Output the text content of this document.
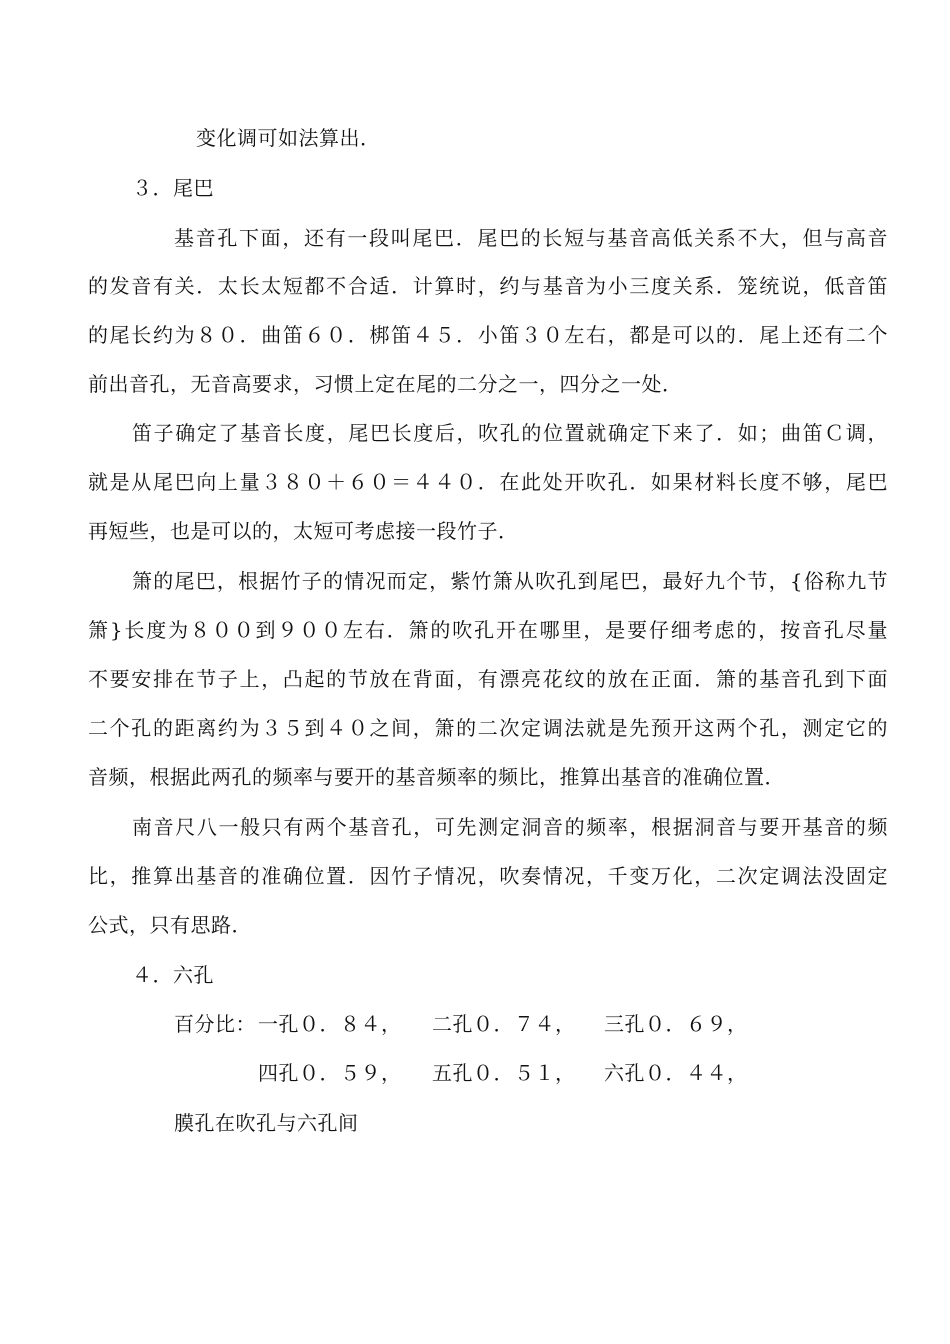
变化调可如法算出．
３．尾巴
基音孔下面，还有一段叫尾巴．尾巴的长短与基音高低关系不大，但与高音
的发音有关．太长太短都不合适．计算时，约与基音为小三度关系．笼统说，低音笛
的尾长约为８０．曲笛６０．梆笛４５．小笛３０左右，都是可以的．尾上还有二个
前出音孔，无音高要求，习惯上定在尾的二分之一，四分之一处．
笛子确定了基音长度，尾巴长度后，吹孔的位置就确定下来了．如；曲笛Ｃ调，
就是从尾巴向上量３８０＋６０＝４４０．在此处开吹孔．如果材料长度不够，尾巴
再短些，也是可以的，太短可考虑接一段竹子．
箫的尾巴，根据竹子的情况而定，紫竹箫从吹孔到尾巴，最好九个节，{俗称九节
箫}长度为８００到９００左右．箫的吹孔开在哪里，是要仔细考虑的，按音孔尽量
不要安排在节子上，凸起的节放在背面，有漂亮花纹的放在正面．箫的基音孔到下面
二个孔的距离约为３５到４０之间，箫的二次定调法就是先预开这两个孔，测定它的
音频，根据此两孔的频率与要开的基音频率的频比，推算出基音的准确位置．
南音尺八一般只有两个基音孔，可先测定洞音的频率，根据洞音与要开基音的频
比，推算出基音的准确位置．因竹子情况，吹奏情况，千变万化，二次定调法没固定
公式，只有思路．
４．六孔
百分比： 一孔０．８４， 二孔０．７４， 三孔０．６９，
四孔０．５９， 五孔０．５１， 六孔０．４４，
膜孔在吹孔与六孔间
